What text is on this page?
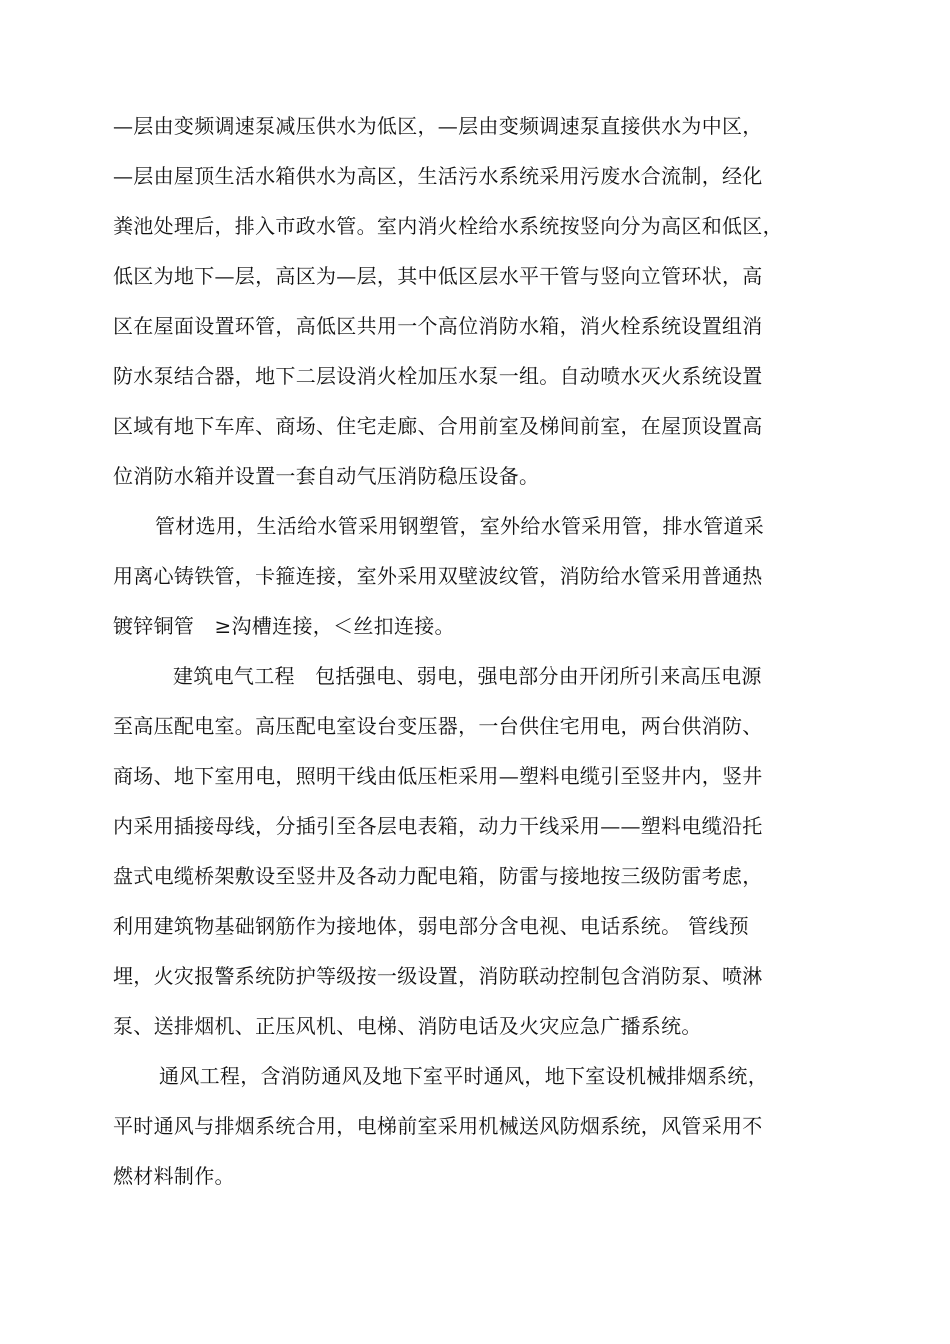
—层由变频调速泵减压供水为低区，—层由变频调速泵直接供水为中区，
—层由屋顶生活水箱供水为高区，生活污水系统采用污废水合流制，经化
粪池处理后，排入市政水管。室内消火栓给水系统按竖向分为高区和低区，
低区为地下—层，高区为—层，其中低区层水平干管与竖向立管环状，高
区在屋面设置环管，高低区共用一个高位消防水箱，消火栓系统设置组消
防水泵结合器，地下二层设消火栓加压水泵一组。自动喷水灭火系统设置
区域有地下车库、商场、住宅走廊、合用前室及梯间前室，在屋顶设置高
位消防水箱并设置一套自动气压消防稳压设备。
管材选用，生活给水管采用钢塑管，室外给水管采用管，排水管道采
用离心铸铁管，卡箍连接，室外采用双壁波纹管，消防给水管采用普通热
镀锌铜管　≥沟槽连接，＜丝扣连接。
建筑电气工程　包括强电、弱电，强电部分由开闭所引来高压电源
至高压配电室。高压配电室设台变压器，一台供住宅用电，两台供消防、
商场、地下室用电，照明干线由低压柜采用—塑料电缆引至竖井内，竖井
内采用插接母线，分插引至各层电表箱，动力干线采用——塑料电缆沿托
盘式电缆桥架敷设至竖井及各动力配电箱，防雷与接地按三级防雷考虑，
利用建筑物基础钢筋作为接地体，弱电部分含电视、电话系统。 管线预
埋，火灾报警系统防护等级按一级设置，消防联动控制包含消防泵、喷淋
泵、送排烟机、正压风机、电梯、消防电话及火灾应急广播系统。
通风工程，含消防通风及地下室平时通风，地下室设机械排烟系统，
平时通风与排烟系统合用，电梯前室采用机械送风防烟系统，风管采用不
燃材料制作。
